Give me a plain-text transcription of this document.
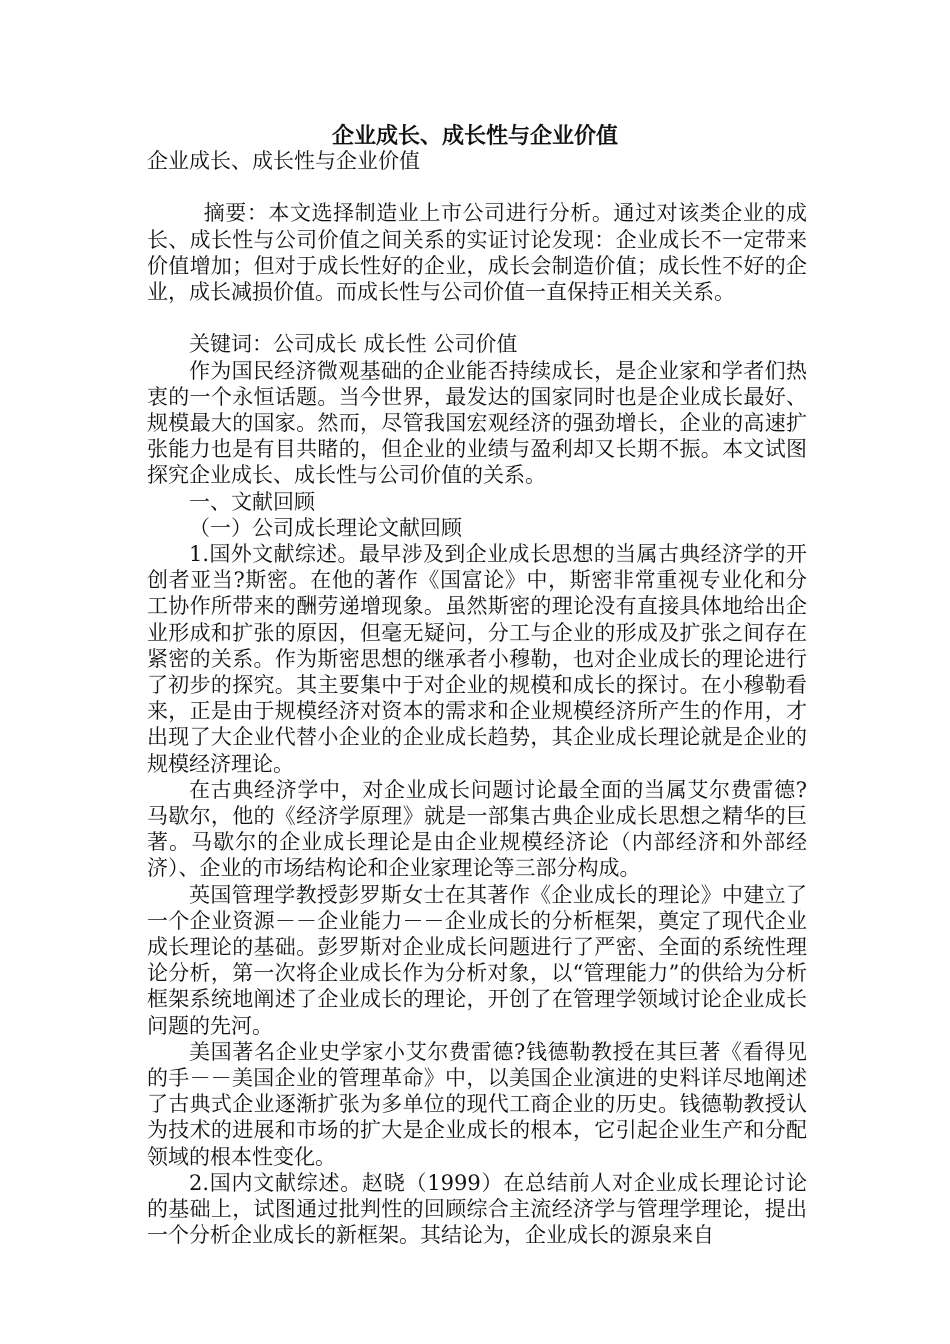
企业成长、成长性与企业价值

企业成长、成长性与企业价值

摘要：本文选择制造业上市公司进行分析。通过对该类企业的成长、成长性与公司价值之间关系的实证讨论发现：企业成长不一定带来价值增加；但对于成长性好的企业，成长会制造价值；成长性不好的企业，成长减损价值。而成长性与公司价值一直保持正相关关系。

关键词：公司成长 成长性 公司价值

作为国民经济微观基础的企业能否持续成长，是企业家和学者们热衷的一个永恒话题。当今世界，最发达的国家同时也是企业成长最好、规模最大的国家。然而，尽管我国宏观经济的强劲增长，企业的高速扩张能力也是有目共睹的，但企业的业绩与盈利却又长期不振。本文试图探究企业成长、成长性与公司价值的关系。

一、文献回顾

（一）公司成长理论文献回顾

1.国外文献综述。最早涉及到企业成长思想的当属古典经济学的开创者亚当?斯密。在他的著作《国富论》中，斯密非常重视专业化和分工协作所带来的酬劳递增现象。虽然斯密的理论没有直接具体地给出企业形成和扩张的原因，但毫无疑问，分工与企业的形成及扩张之间存在紧密的关系。作为斯密思想的继承者小穆勒，也对企业成长的理论进行了初步的探究。其主要集中于对企业的规模和成长的探讨。在小穆勒看来，正是由于规模经济对资本的需求和企业规模经济所产生的作用，才出现了大企业代替小企业的企业成长趋势，其企业成长理论就是企业的规模经济理论。

在古典经济学中，对企业成长问题讨论最全面的当属艾尔费雷德?马歇尔，他的《经济学原理》就是一部集古典企业成长思想之精华的巨著。马歇尔的企业成长理论是由企业规模经济论（内部经济和外部经济）、企业的市场结构论和企业家理论等三部分构成。

英国管理学教授彭罗斯女士在其著作《企业成长的理论》中建立了一个企业资源－－企业能力－－企业成长的分析框架，奠定了现代企业成长理论的基础。彭罗斯对企业成长问题进行了严密、全面的系统性理论分析，第一次将企业成长作为分析对象，以“管理能力”的供给为分析框架系统地阐述了企业成长的理论，开创了在管理学领域讨论企业成长问题的先河。

美国著名企业史学家小艾尔费雷德?钱德勒教授在其巨著《看得见的手－－美国企业的管理革命》中，以美国企业演进的史料详尽地阐述了古典式企业逐渐扩张为多单位的现代工商企业的历史。钱德勒教授认为技术的进展和市场的扩大是企业成长的根本，它引起企业生产和分配领域的根本性变化。

2.国内文献综述。赵晓（1999）在总结前人对企业成长理论讨论的基础上，试图通过批判性的回顾综合主流经济学与管理学理论，提出一个分析企业成长的新框架。其结论为，企业成长的源泉来自
